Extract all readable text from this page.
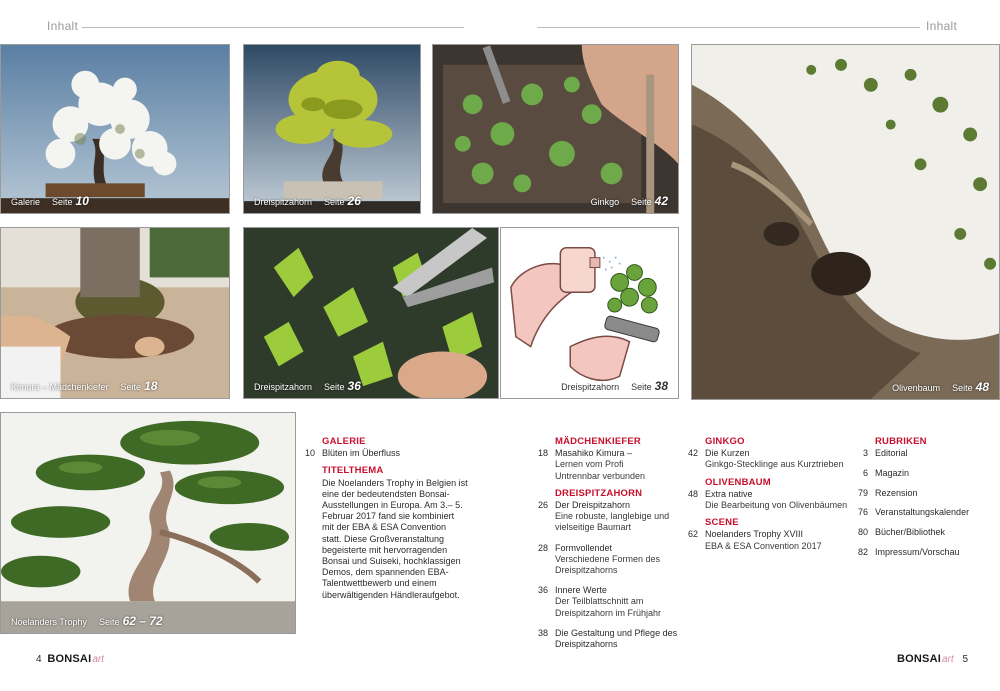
Inhalt	Inhalt
Galerie Seite 10	Dreispitzahorn Seite 26	Ginkgo Seite 42
Olivenbaum Seite 48
Kimura – Mädchenkiefer Seite 18	Dreispitzahorn Seite 36	Dreispitzahorn Seite 38
Noelanders Trophy Seite 62 – 72
GALERIE
10 Blüten im Überfluss
TITELTHEMA
Die Noelanders Trophy in Belgien ist eine der bedeutendsten Bonsai-Ausstellungen in Europa. Am 3.– 5. Februar 2017 fand sie kombiniert mit der EBA & ESA Convention statt. Diese Großveranstaltung begeisterte mit hervorragenden Bonsai und Suiseki, hochklassigen Demos, dem spannenden EBA-Talentwettbewerb und einem überwältigenden Händleraufgebot.
MÄDCHENKIEFER
18 Masahiko Kimura –
Lernen vom Profi
Untrennbar verbunden
DREISPITZAHORN
26 Der Dreispitzahorn
Eine robuste, langlebige und vielseitige Baumart
28 Formvollendet
Verschiedene Formen des Dreispitzahorns
36 Innere Werte
Der Teilblattschnitt am Dreispitzahorn im Frühjahr
38 Die Gestaltung und Pflege des Dreispitzahorns
GINKGO
42 Die Kurzen
Ginkgo-Stecklinge aus Kurztrieben
OLIVENBAUM
48 Extra native
Die Bearbeitung von Olivenbäumen
SCENE
62 Noelanders Trophy XVIII
EBA & ESA Convention 2017
RUBRIKEN
3 Editorial
6 Magazin
79 Rezension
76 Veranstaltungskalender
80 Bücher/Bibliothek
82 Impressum/Vorschau
4 BONSAIart	BONSAIart 5
